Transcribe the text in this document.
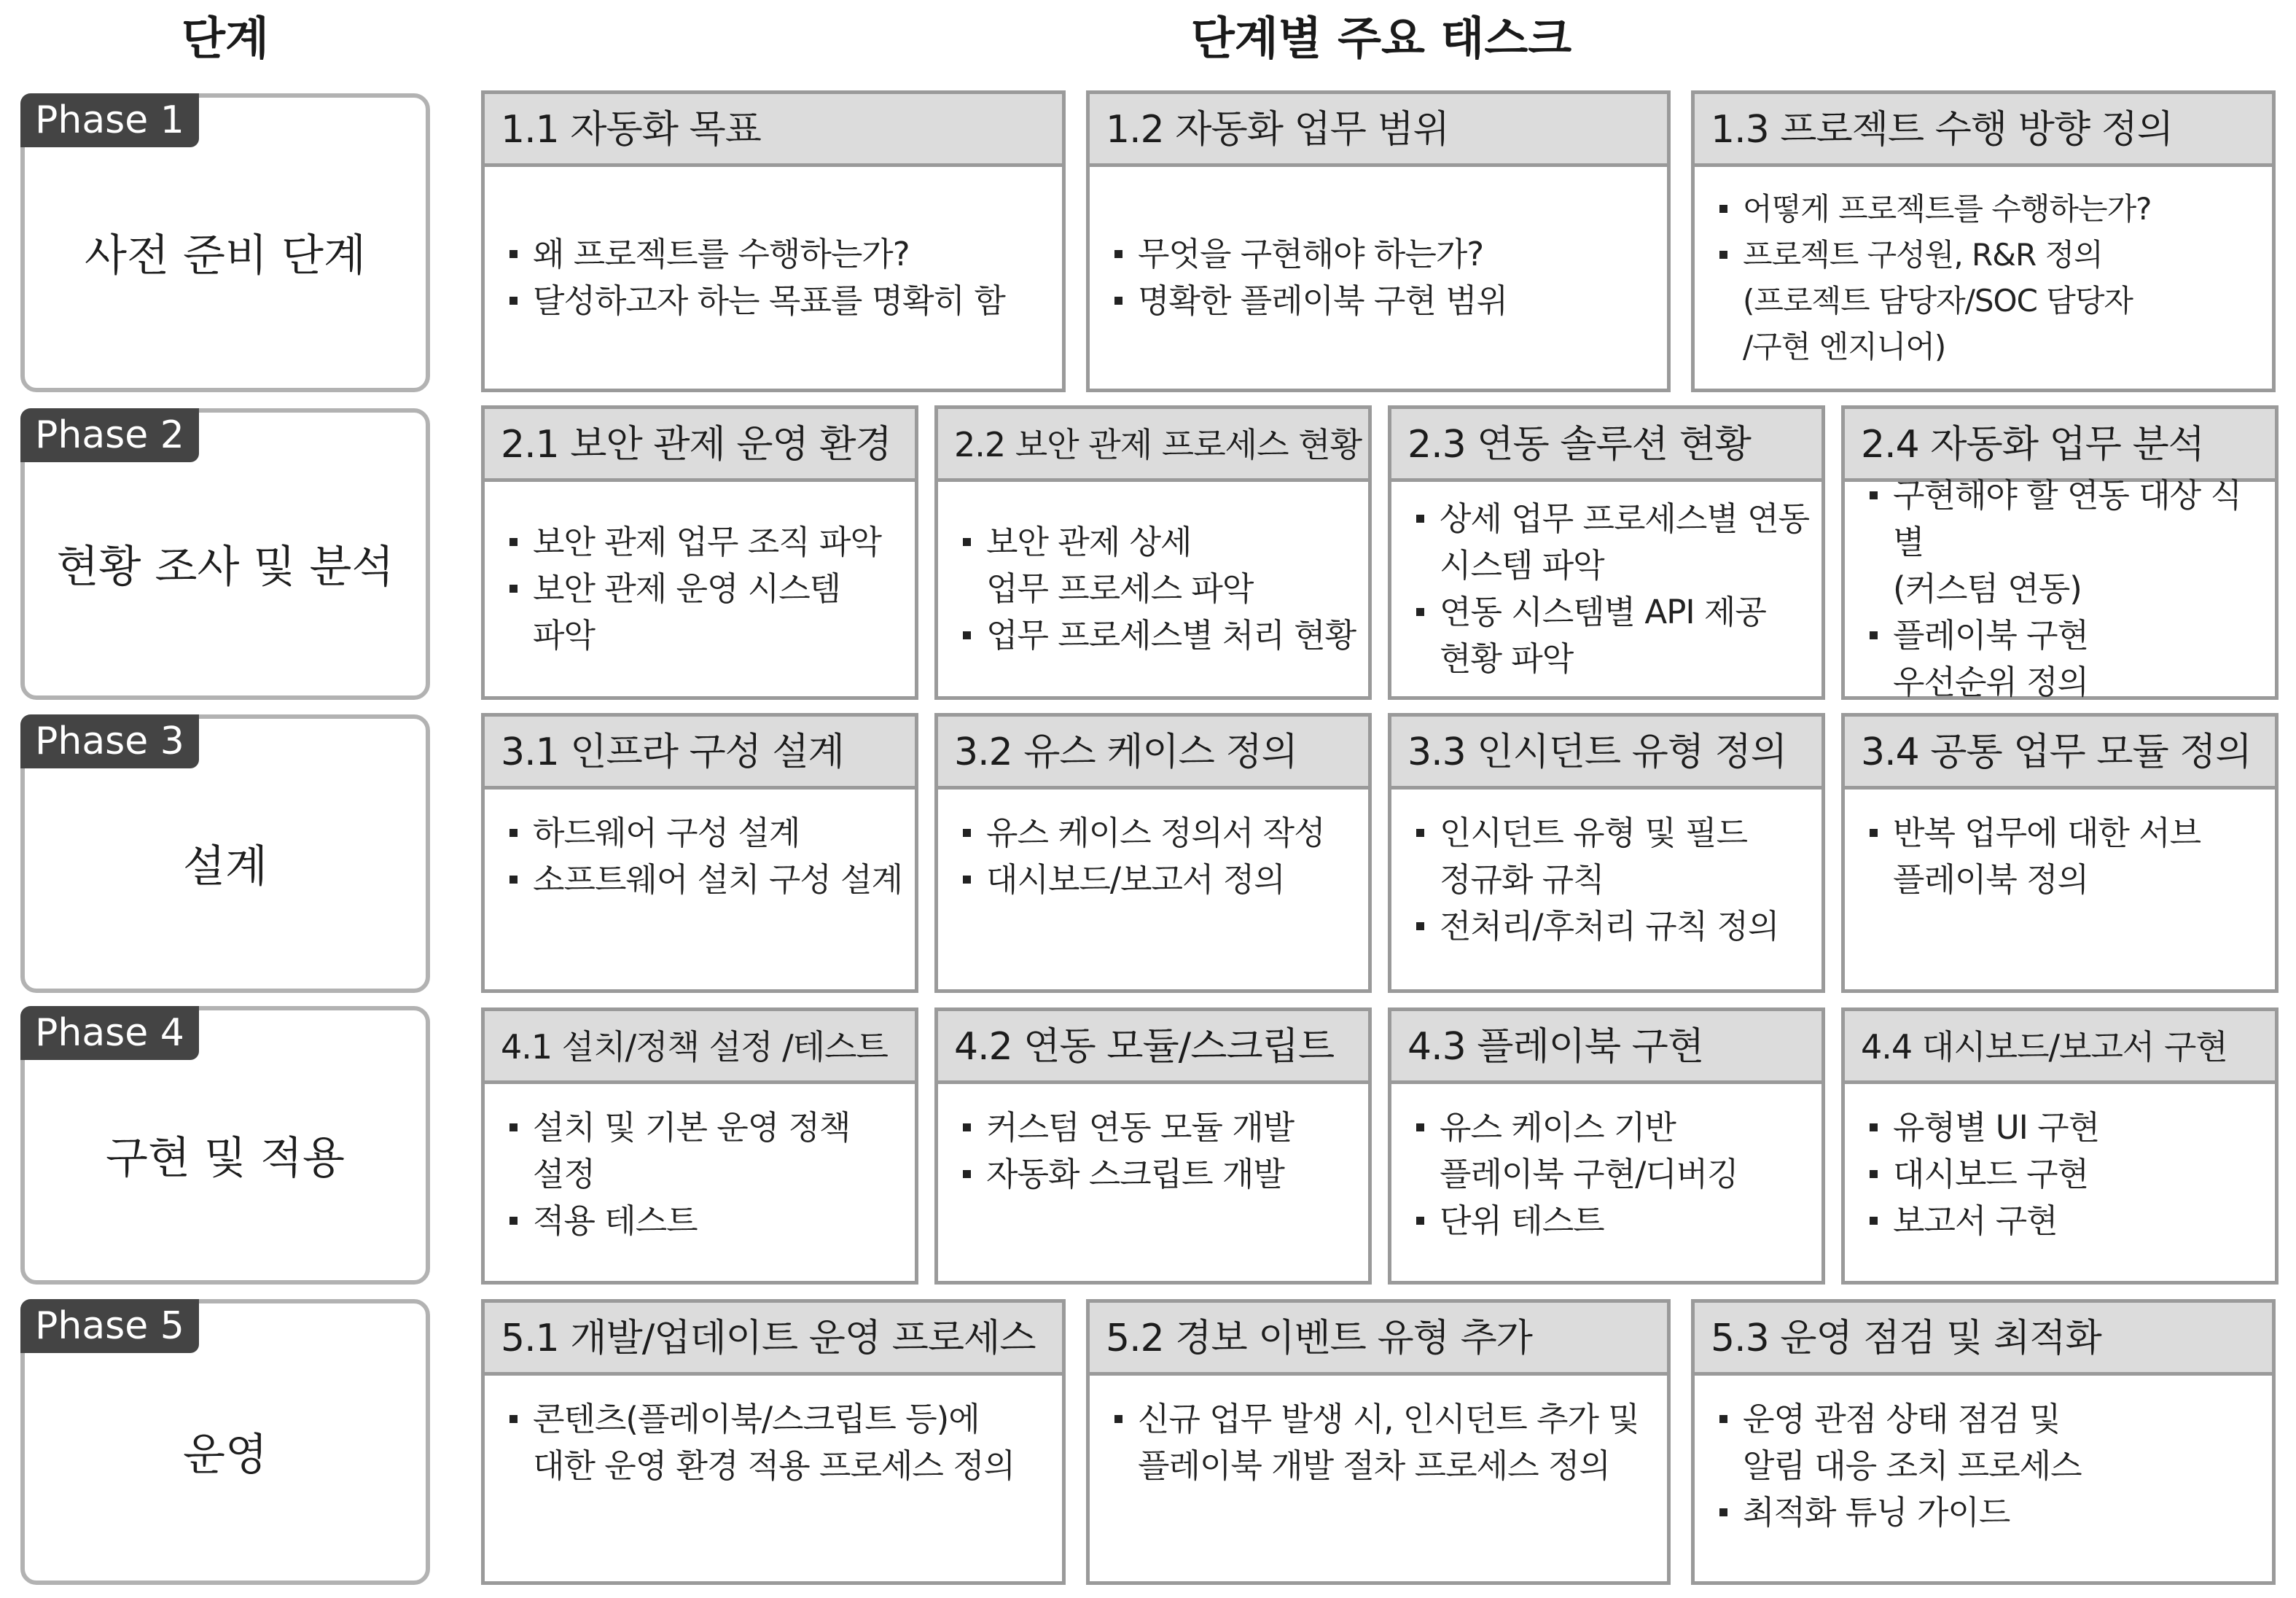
단계	단계별 주요 태스크
Phase 1
사전 준비 단계
1.1 자동화 목표
왜 프로젝트를 수행하는가?
달성하고자 하는 목표를 명확히 함
1.2 자동화 업무 범위
무엇을 구현해야 하는가?
명확한 플레이북 구현 범위
1.3 프로젝트 수행 방향 정의
어떻게 프로젝트를 수행하는가?
프로젝트 구성원, R&R 정의
(프로젝트 담당자/SOC 담당자
/구현 엔지니어)
Phase 2
현황 조사 및 분석
2.1 보안 관제 운영 환경
보안 관제 업무 조직 파악
보안 관제 운영 시스템
파악
2.2 보안 관제 프로세스 현황
보안 관제 상세
업무 프로세스 파악
업무 프로세스별 처리 현황
2.3 연동 솔루션 현황
상세 업무 프로세스별 연동
시스템 파악
연동 시스템별 API 제공
현황 파악
2.4 자동화 업무 분석
구현해야 할 연동 대상 식별
(커스텀 연동)
플레이북 구현
우선순위 정의
Phase 3
설계
3.1 인프라 구성 설계
하드웨어 구성 설계
소프트웨어 설치 구성 설계
3.2 유스 케이스 정의
유스 케이스 정의서 작성
대시보드/보고서 정의
3.3 인시던트 유형 정의
인시던트 유형 및 필드
정규화 규칙
전처리/후처리 규칙 정의
3.4 공통 업무 모듈 정의
반복 업무에 대한 서브
플레이북 정의
Phase 4
구현 및 적용
4.1 설치/정책 설정 /테스트
설치 및 기본 운영 정책
설정
적용 테스트
4.2 연동 모듈/스크립트
커스텀 연동 모듈 개발
자동화 스크립트 개발
4.3 플레이북 구현
유스 케이스 기반
플레이북 구현/디버깅
단위 테스트
4.4 대시보드/보고서 구현
유형별 UI 구현
대시보드 구현
보고서 구현
Phase 5
운영
5.1 개발/업데이트 운영 프로세스
콘텐츠(플레이북/스크립트 등)에
대한 운영 환경 적용 프로세스 정의
5.2 경보 이벤트 유형 추가
신규 업무 발생 시, 인시던트 추가 및
플레이북 개발 절차 프로세스 정의
5.3 운영 점검 및 최적화
운영 관점 상태 점검 및
알림 대응 조치 프로세스
최적화 튜닝 가이드
